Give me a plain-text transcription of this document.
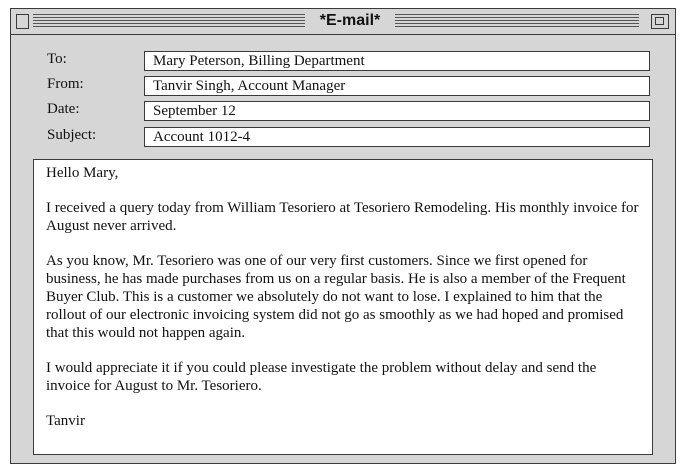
*E-mail*
To:	Mary Peterson, Billing Department
From:	Tanvir Singh, Account Manager
Date:	September 12
Subject:	Account 1012-4

Hello Mary,

I received a query today from William Tesoriero at Tesoriero Remodeling. His monthly invoice for August never arrived.

As you know, Mr. Tesoriero was one of our very first customers. Since we first opened for business, he has made purchases from us on a regular basis. He is also a member of the Frequent Buyer Club. This is a customer we absolutely do not want to lose. I explained to him that the rollout of our electronic invoicing system did not go as smoothly as we had hoped and promised that this would not happen again.

I would appreciate it if you could please investigate the problem without delay and send the invoice for August to Mr. Tesoriero.

Tanvir
